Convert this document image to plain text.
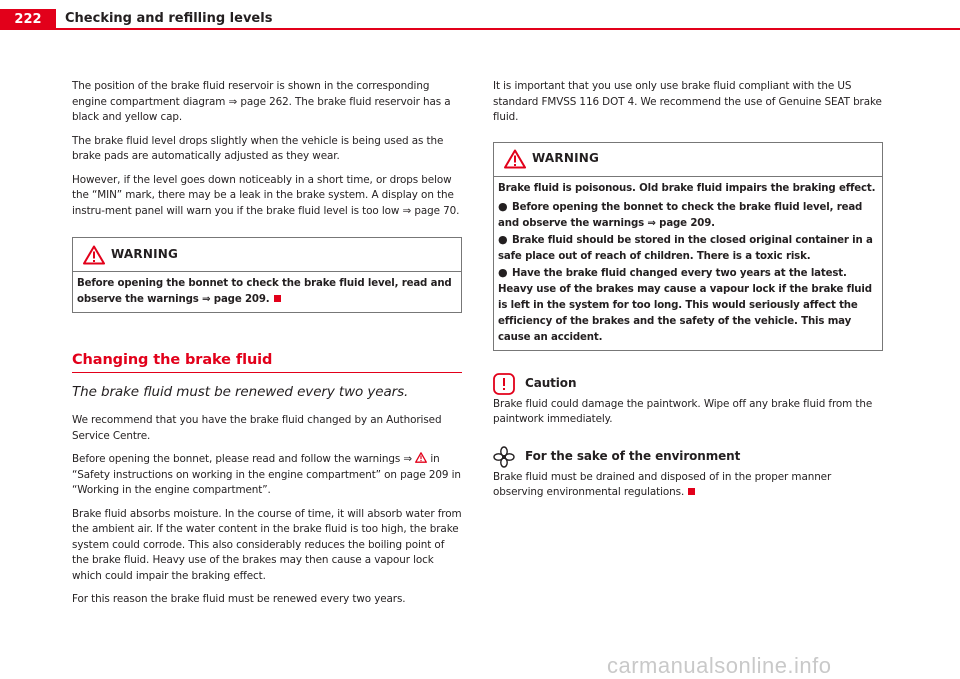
222	Checking and refilling levels

The position of the brake fluid reservoir is shown in the corresponding engine compartment diagram ⇒ page 262. The brake fluid reservoir has a black and yellow cap.

The brake fluid level drops slightly when the vehicle is being used as the brake pads are automatically adjusted as they wear.

However, if the level goes down noticeably in a short time, or drops below the “MIN” mark, there may be a leak in the brake system. A display on the instru-ment panel will warn you if the brake fluid level is too low ⇒ page 70.

WARNING
Before opening the bonnet to check the brake fluid level, read and observe the warnings ⇒ page 209.
Changing the brake fluid
The brake fluid must be renewed every two years.

We recommend that you have the brake fluid changed by an Authorised Service Centre.

Before opening the bonnet, please read and follow the warnings ⇒ in “Safety instructions on working in the engine compartment” on page 209 in “Working in the engine compartment”.

Brake fluid absorbs moisture. In the course of time, it will absorb water from the ambient air. If the water content in the brake fluid is too high, the brake system could corrode. This also considerably reduces the boiling point of the brake fluid. Heavy use of the brakes may then cause a vapour lock which could impair the braking effect.

For this reason the brake fluid must be renewed every two years.

It is important that you use only use brake fluid compliant with the US standard FMVSS 116 DOT 4. We recommend the use of Genuine SEAT brake fluid.

WARNING
Brake fluid is poisonous. Old brake fluid impairs the braking effect.
● Before opening the bonnet to check the brake fluid level, read and observe the warnings ⇒ page 209.
● Brake fluid should be stored in the closed original container in a safe place out of reach of children. There is a toxic risk.
● Have the brake fluid changed every two years at the latest. Heavy use of the brakes may cause a vapour lock if the brake fluid is left in the system for too long. This would seriously affect the efficiency of the brakes and the safety of the vehicle. This may cause an accident.
Caution

Brake fluid could damage the paintwork. Wipe off any brake fluid from the paintwork immediately.

For the sake of the environment

Brake fluid must be drained and disposed of in the proper manner observing environmental regulations.

carmanualsonline.info
